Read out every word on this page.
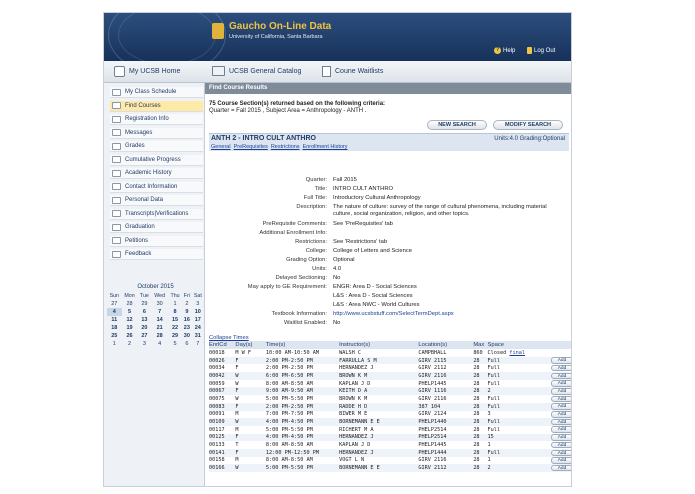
Gaucho On-Line Data
University of California, Santa Barbara
? Help	Log Out
My UCSB Home	UCSB General Catalog	Coune Waitlists
My Class Schedule
Find Courses
Registration Info
Messages
Grades
Cumulative Progress
Academic History
Contact Information
Personal Data
Transcripts|Verifications
Graduation
Petitions
Feedback
October 2015
Sun	Mon	Tue	Wed	Thu	Fri	Sat
27	28	29	30	1	2	3
4	5	6	7	8	9	10
11	12	13	14	15	16	17
18	19	20	21	22	23	24
25	26	27	28	29	30	31
1	2	3	4	5	6	7
Find Course Results
75 Course Section(s) returned based on the following criteria:
Quarter = Fall 2015 , Subject Area = Anthropology - ANTH .
NEW SEARCH	MODIFY SEARCH
ANTH 2 - INTRO CULT ANTHRO	Units:4.0 Grading:Optional
General PreRequisites Restrictions Enrollment History
Quarter: Fall 2015
Title: INTRO CULT ANTHRO
Full Title: Introductory Cultural Anthropology
Description: The nature of culture: survey of the range of cultural phenomena, including material culture, social organization, religion, and other topics.
PreRequisite Comments: See 'PreRequisites' tab
Additional Enrollment Info:
Restrictions: See 'Restrictions' tab
College: College of Letters and Science
Grading Option: Optional
Units: 4.0
Delayed Sectioning: No
May apply to GE Requirement: ENGR: Area D - Social Sciences
L&S : Area D - Social Sciences
L&S : Area NWC - World Cultures
Textbook Information: http://www.ucsbstuff.com/SelectTermDept.aspx
Waitlist Enabled: No
Collapse Times
EnrlCd	Day(s)	Time(s)	Instructor(s)	Location(s)	Max	Space	
00018	M W F	10:00 AM-10:50 AM	WALSH C	CAMPBHALL	860	Closed final	
00026	F	2:00 PM-2:50 PM	FARRULLA S M	GIRV 2115	28	Full	Add
00034	F	2:00 PM-2:50 PM	HERNANDEZ J	GIRV 2112	28	Full	Add
00042	W	6:00 PM-6:50 PM	BROWN K M	GIRV 2116	28	Full	Add
00059	W	8:00 AM-8:50 AM	KAPLAN J D	PHELP1445	28	Full	Add
00067	F	9:00 AM-9:50 AM	KEITH D A	GIRV 1116	28	2	Add
00075	W	5:00 PM-5:50 PM	BROWN K M	GIRV 2116	28	Full	Add
00083	F	2:00 PM-2:50 PM	RADDE H D	387 104	28	Full	Add
00091	M	7:00 PM-7:50 PM	BIWER M E	GIRV 2124	28	3	Add
00109	W	4:00 PM-4:50 PM	BORNEMANN E E	PHELP1440	28	Full	Add
00117	M	5:00 PM-5:50 PM	RICHERT M A	PHELP2514	28	Full	Add
00125	F	4:00 PM-4:50 PM	HERNANDEZ J	PHELP2514	28	15	Add
00133	T	8:00 AM-8:50 AM	KAPLAN J D	PHELP1445	28	1	Add
00141	F	12:00 PM-12:50 PM	HERNANDEZ J	PHELP1444	28	Full	Add
00158	M	8:00 AM-8:50 AM	VOGT L N	GIRV 2116	28	1	Add
00166	W	5:00 PM-5:50 PM	BORNEMANN E E	GIRV 2112	28	2	Add
